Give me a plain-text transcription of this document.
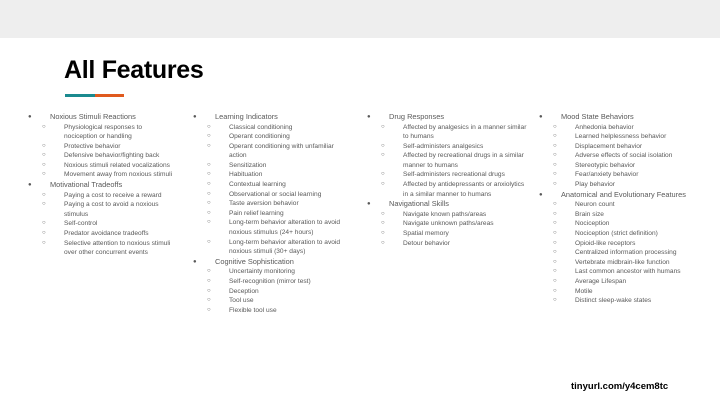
All Features
● Noxious Stimuli Reactions
○	Physiological responses to nociception or handling
○	Protective behavior
○	Defensive behavior/fighting back
○	Noxious stimuli related vocalizations
○	Movement away from noxious stimuli
● Motivational Tradeoffs
○	Paying a cost to receive a reward
○	Paying a cost to avoid a noxious stimulus
○	Self-control
○	Predator avoidance tradeoffs
○	Selective attention to noxious stimuli over other concurrent events
● Learning Indicators
○	Classical conditioning
○	Operant conditioning
○	Operant conditioning with unfamiliar action
○	Sensitization
○	Habituation
○	Contextual learning
○	Observational or social learning
○	Taste aversion behavior
○	Pain relief learning
○	Long-term behavior alteration to avoid noxious stimulus (24+ hours)
○	Long-term behavior alteration to avoid noxious stimuli (30+ days)
● Cognitive Sophistication
○	Uncertainty monitoring
○	Self-recognition (mirror test)
○	Deception
○	Tool use
○	Flexible tool use
● Drug Responses
○	Affected by analgesics in a manner similar to humans
○	Self-administers analgesics
○	Affected by recreational drugs in a similar manner to humans
○	Self-administers recreational drugs
○	Affected by antidepressants or anxiolytics in a similar manner to humans
● Navigational Skills
○	Navigate known paths/areas
○	Navigate unknown paths/areas
○	Spatial memory
○	Detour behavior
● Mood State Behaviors
○	Anhedonia behavior
○	Learned helplessness behavior
○	Displacement behavior
○	Adverse effects of social isolation
○	Stereotypic behavior
○	Fear/anxiety behavior
○	Play behavior
● Anatomical and Evolutionary Features
○	Neuron count
○	Brain size
○	Nociception
○	Nociception (strict definition)
○	Opioid-like receptors
○	Centralized information processing
○	Vertebrate midbrain-like function
○	Last common ancestor with humans
○	Average Lifespan
○	Motile
○	Distinct sleep-wake states
tinyurl.com/y4cem8tc
